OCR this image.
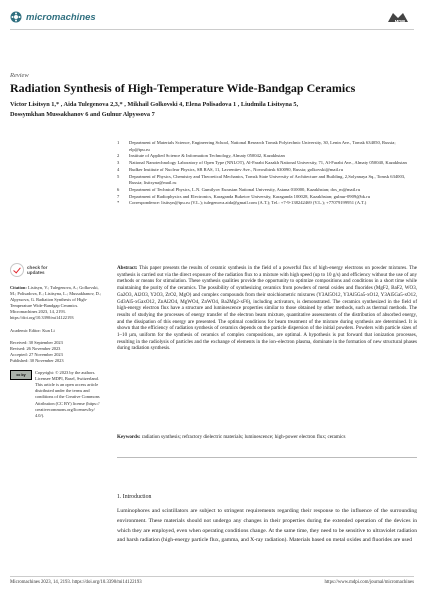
micromachines	MDPI
Review
Radiation Synthesis of High-Temperature Wide-Bandgap Ceramics
Victor Lisitsyn 1,* , Aida Tulegenova 2,3,* , Mikhail Golkovski 4, Elena Polisadova 1 , Liudmila Lisitsyna 5,
Dossymkhan Mussakhanov 6 and Gulnur Alpyssova 7
1 Department of Materials Science, Engineering School, National Research Tomsk Polytechnic University, 30, Lenin Ave., Tomsk 634050, Russia; elp@tpu.ru
2 Institute of Applied Science & Information Technology, Almaty 050042, Kazakhstan
3 National Nanotechnology Laboratory of Open Type (NNLOT), Al-Farabi Kazakh National University, 71, Al-Farabi Ave., Almaty 050040, Kazakhstan
4 Budker Institute of Nuclear Physics, SB RAS, 11, Lavrentiev Ave., Novosibirsk 630090, Russia; golkovski@mail.ru
5 Department of Physics, Chemistry and Theoretical Mechanics, Tomsk State University of Architecture and Building, 2,Solyanaya Sq., Tomsk 634003, Russia; lisitsyna@mail.ru
6 Department of Technical Physics, L.N. Gumilyov Eurasian National University, Astana 010000, Kazakhstan; dos_m@mail.ru
7 Department of Radiophysics and Electronics, Karaganda Buketov University, Karaganda 100028, Kazakhstan; gulnur-0909@bk.ru
* Correspondence: lisitsyn@tpu.ru (V.L.); tulegenova.aida@gmail.com (A.T.); Tel.: +7-9-138242469 (V.L.); +77079199951 (A.T.)
check for
updates
Citation: Lisitsyn, V.; Tulegenova, A.; Golkovski, M.; Polisadova, E.; Lisitsyna, L.; Mussakhanov, D.; Alpyssova, G. Radiation Synthesis of High-Temperature Wide-Bandgap Ceramics. Micromachines 2023, 14, 2193. https://doi.org/10.3390/mi14122193
Academic Editor: Kun Li
Received: 30 September 2023
Revised: 26 November 2023
Accepted: 27 November 2023
Published: 30 November 2023
cc by	Copyright: © 2023 by the authors. Licensee MDPI, Basel, Switzerland. This article is an open access article distributed under the terms and conditions of the Creative Commons Attribution (CC BY) license (https:// creativecommons.org/licenses/by/ 4.0/).
Abstract: This paper presents the results of ceramic synthesis in the field of a powerful flux of high-energy electrons on powder mixtures. The synthesis is carried out via the direct exposure of the radiation flux to a mixture with high speed (up to 10 g/s) and efficiency without the use of any methods or means for stimulation. These synthesis qualities provide the opportunity to optimize compositions and conditions in a short time while maintaining the purity of the ceramics. The possibility of synthesizing ceramics from powders of metal oxides and fluorides (MgF2, BaF2, WO3, Ga2O3, Al2O3, Y2O3, ZrO2, MgO) and complex compounds from their stoichiometric mixtures (Y3Al5O12, Y3Al5Ga5-xO12, Y3Al5Ga5-xO12, Gd3Al5-xGaxO12, ZnAl2O4, MgWO4, ZnWO4, Ba2Mg2-xF6), including activators, is demonstrated. The ceramics synthesized in the field of high-energy electron flux have a structure and luminescence properties similar to those obtained by other methods, such as thermal methods. The results of studying the processes of energy transfer of the electron beam mixture, quantitative assessments of the distribution of absorbed energy, and the dissipation of this energy are presented. The optimal conditions for beam treatment of the mixture during synthesis are determined. It is shown that the efficiency of radiation synthesis of ceramics depends on the particle dispersion of the initial powders. Powders with particle sizes of 1–10 µm, uniform for the synthesis of ceramics of complex compositions, are optimal. A hypothesis is put forward that ionization processes, resulting in the radiolysis of particles and the exchange of elements in the ion–electron plasma, dominate in the formation of new structural phases during radiation synthesis.
Keywords: radiation synthesis; refractory dielectric materials; luminescence; high-power electron flux; ceramics
1. Introduction
Luminophores and scintillators are subject to stringent requirements regarding their response to the influence of the surrounding environment. These materials should not undergo any changes in their properties during the extended operation of the devices in which they are employed, even when operating conditions change. At the same time, they need to be sensitive to ultraviolet radiation and harsh radiation (high-energy particle flux, gamma, and X-ray radiation). Materials based on metal oxides and fluorides are used
Micromachines 2023, 14, 2193. https://doi.org/10.3390/mi14122193	https://www.mdpi.com/journal/micromachines
